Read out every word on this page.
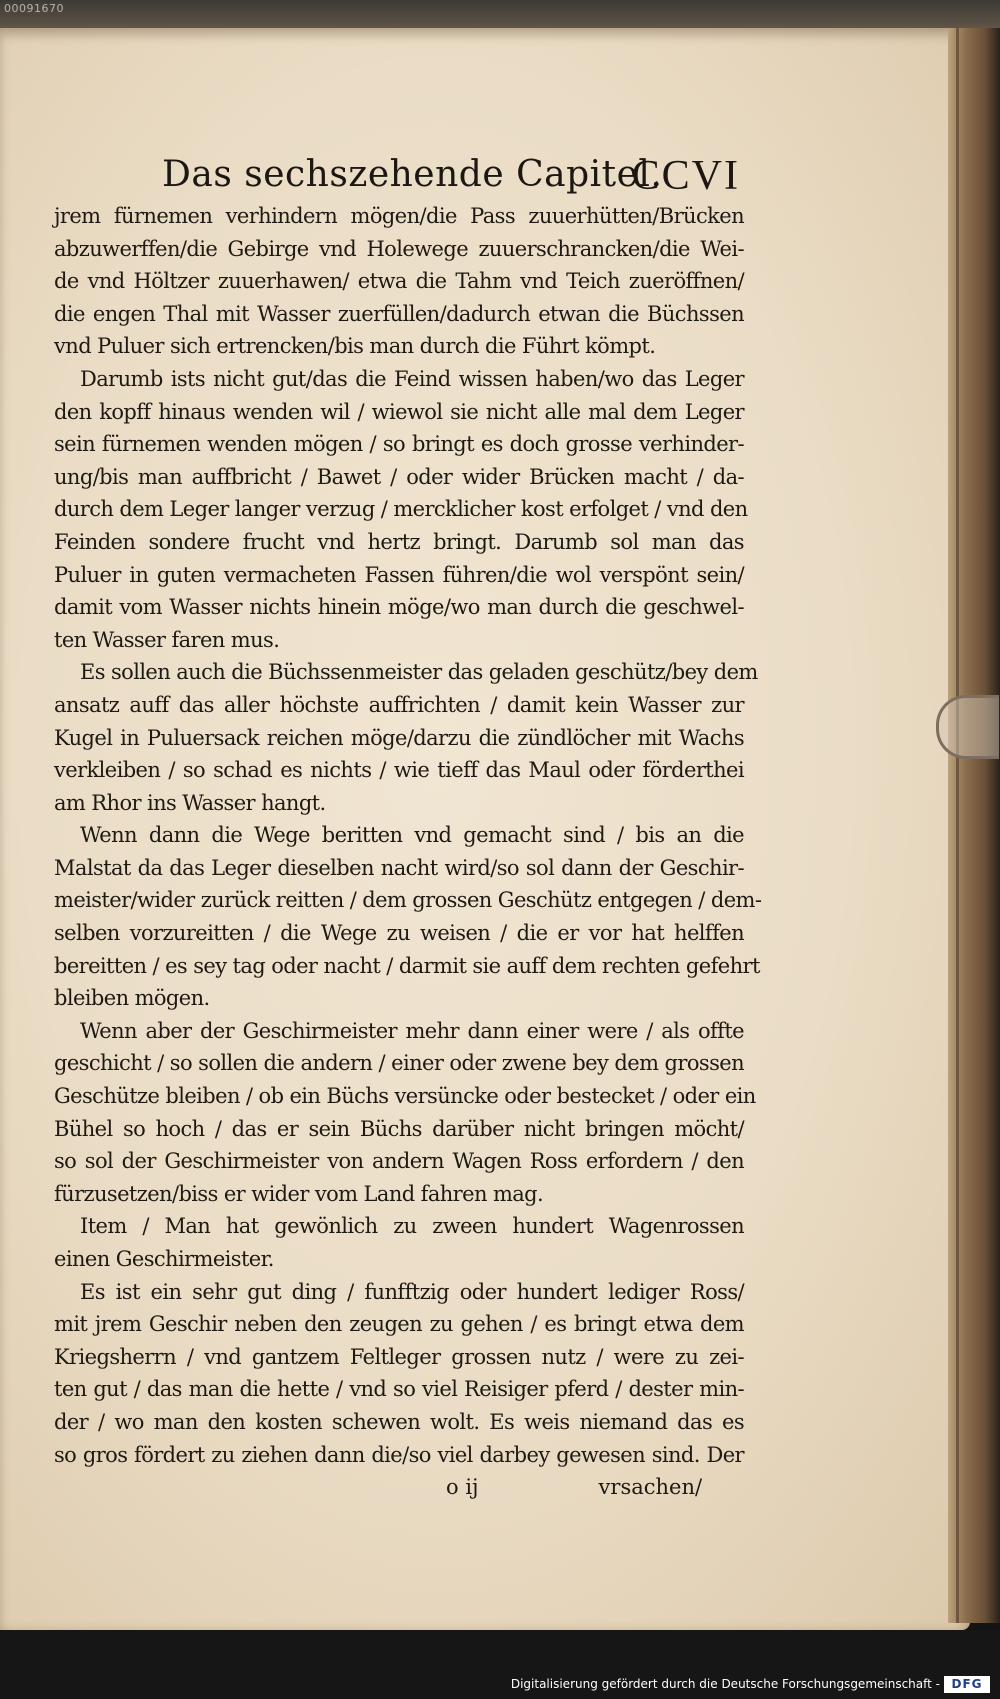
00091670
Das sechszehende Capitel.
CCVI
jrem fürnemen verhindern mögen/die Pass zuuerhütten/Brücken
abzuwerffen/die Gebirge vnd Holewege zuuerschrancken/die Wei-
de vnd Höltzer zuuerhawen/ etwa die Tahm vnd Teich zueröffnen/
die engen Thal mit Wasser zuerfüllen/dadurch etwan die Büchssen
vnd Puluer sich ertrencken/bis man durch die Führt kömpt.
Darumb ists nicht gut/das die Feind wissen haben/wo das Leger
den kopff hinaus wenden wil / wiewol sie nicht alle mal dem Leger
sein fürnemen wenden mögen / so bringt es doch grosse verhinder-
ung/bis man auffbricht / Bawet / oder wider Brücken macht / da-
durch dem Leger langer verzug / mercklicher kost erfolget / vnd den
Feinden sondere frucht vnd hertz bringt. Darumb sol man das
Puluer in guten vermacheten Fassen führen/die wol verspönt sein/
damit vom Wasser nichts hinein möge/wo man durch die geschwel-
ten Wasser faren mus.
Es sollen auch die Büchssenmeister das geladen geschütz/bey dem
ansatz auff das aller höchste auffrichten / damit kein Wasser zur
Kugel in Puluersack reichen möge/darzu die zündlöcher mit Wachs
verkleiben / so schad es nichts / wie tieff das Maul oder förderthei
am Rhor ins Wasser hangt.
Wenn dann die Wege beritten vnd gemacht sind / bis an die
Malstat da das Leger dieselben nacht wird/so sol dann der Geschir-
meister/wider zurück reitten / dem grossen Geschütz entgegen / dem-
selben vorzureitten / die Wege zu weisen / die er vor hat helffen
bereitten / es sey tag oder nacht / darmit sie auff dem rechten gefehrt
bleiben mögen.
Wenn aber der Geschirmeister mehr dann einer were / als offte
geschicht / so sollen die andern / einer oder zwene bey dem grossen
Geschütze bleiben / ob ein Büchs versüncke oder bestecket / oder ein
Bühel so hoch / das er sein Büchs darüber nicht bringen möcht/
so sol der Geschirmeister von andern Wagen Ross erfordern / den
fürzusetzen/biss er wider vom Land fahren mag.
Item / Man hat gewönlich zu zween hundert Wagenrossen
einen Geschirmeister.
Es ist ein sehr gut ding / funfftzig oder hundert lediger Ross/
mit jrem Geschir neben den zeugen zu gehen / es bringt etwa dem
Kriegsherrn / vnd gantzem Feltleger grossen nutz / were zu zei-
ten gut / das man die hette / vnd so viel Reisiger pferd / dester min-
der / wo man den kosten schewen wolt. Es weis niemand das es
so gros fördert zu ziehen dann die/so viel darbey gewesen sind. Der
o ij	vrsachen/
Digitalisierung gefördert durch die Deutsche Forschungsgemeinschaft - DFG
